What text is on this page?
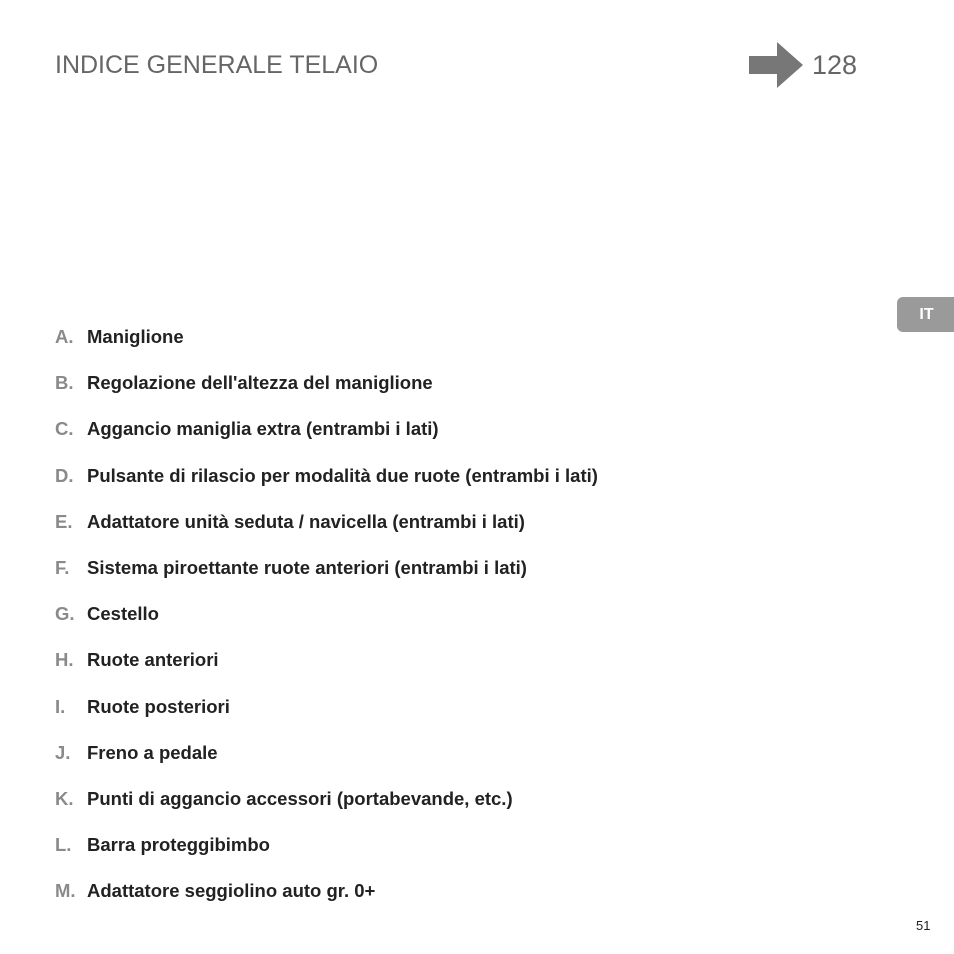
INDICE GENERALE TELAIO	128
IT
A. Maniglione
B. Regolazione dell'altezza del maniglione
C. Aggancio maniglia extra (entrambi i lati)
D. Pulsante di rilascio per modalità due ruote (entrambi i lati)
E. Adattatore unità seduta / navicella (entrambi i lati)
F. Sistema piroettante ruote anteriori (entrambi i lati)
G. Cestello
H. Ruote anteriori
I.	Ruote posteriori
J. Freno a pedale
K. Punti di aggancio accessori (portabevande, etc.)
L. Barra proteggibimbo
M. Adattatore seggiolino auto gr. 0+
51
